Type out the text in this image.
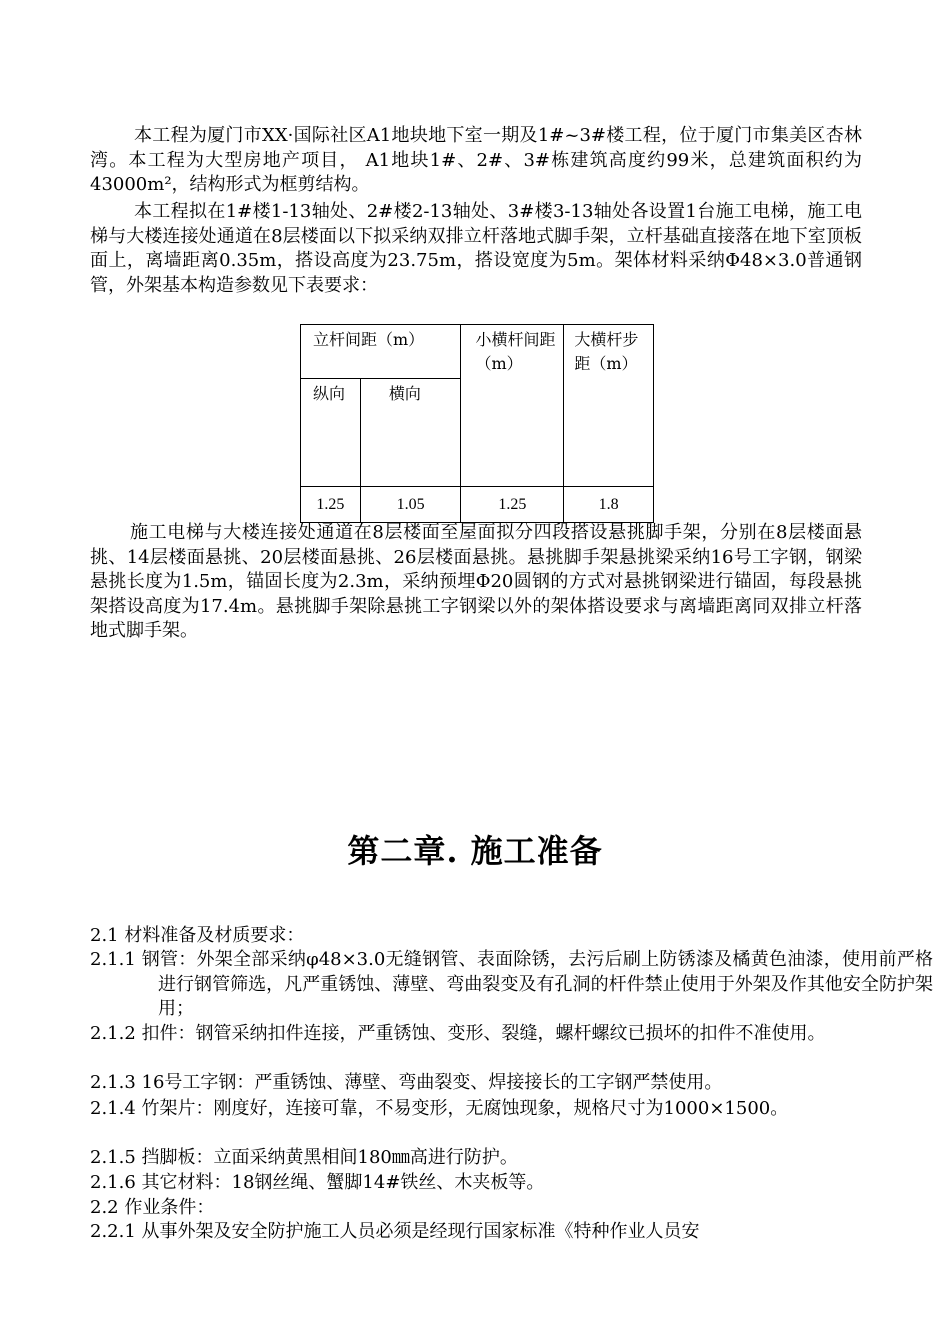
本工程为厦门市XX·国际社区A1地块地下室一期及1#~3#楼工程，位于厦门市集美区杏林湾。本工程为大型房地产项目， A1地块1#、2#、3#栋建筑高度约99米，总建筑面积约为43000m²，结构形式为框剪结构。

本工程拟在1#楼1-13轴处、2#楼2-13轴处、3#楼3-13轴处各设置1台施工电梯，施工电梯与大楼连接处通道在8层楼面以下拟采纳双排立杆落地式脚手架，立杆基础直接落在地下室顶板面上，离墙距离0.35m，搭设高度为23.75m，搭设宽度为5m。架体材料采纳Φ48×3.0普通钢管，外架基本构造参数见下表要求：

立杆间距（m）		小横杆间距（m）	大横杆步距（m）
纵向	横向		
1.25	1.05	1.25	1.8

施工电梯与大楼连接处通道在8层楼面至屋面拟分四段搭设悬挑脚手架，分别在8层楼面悬挑、14层楼面悬挑、20层楼面悬挑、26层楼面悬挑。悬挑脚手架悬挑梁采纳16号工字钢，钢梁悬挑长度为1.5m，锚固长度为2.3m，采纳预埋Φ20圆钢的方式对悬挑钢梁进行锚固，每段悬挑架搭设高度为17.4m。悬挑脚手架除悬挑工字钢梁以外的架体搭设要求与离墙距离同双排立杆落地式脚手架。

第二章. 施工准备

2.1 材料准备及材质要求：

2.1.1 钢管：外架全部采纳φ48×3.0无缝钢管、表面除锈，去污后刷上防锈漆及橘黄色油漆，使用前严格进行钢管筛选，凡严重锈蚀、薄壁、弯曲裂变及有孔洞的杆件禁止使用于外架及作其他安全防护架用；

2.1.2 扣件：钢管采纳扣件连接，严重锈蚀、变形、裂缝，螺杆螺纹已损坏的扣件不准使用。

2.1.3 16号工字钢：严重锈蚀、薄壁、弯曲裂变、焊接接长的工字钢严禁使用。

2.1.4 竹架片：刚度好，连接可靠，不易变形，无腐蚀现象，规格尺寸为1000×1500。

2.1.5 挡脚板：立面采纳黄黑相间180㎜高进行防护。

2.1.6 其它材料：18钢丝绳、蟹脚14#铁丝、木夹板等。

2.2 作业条件：

2.2.1 从事外架及安全防护施工人员必须是经现行国家标准《特种作业人员安
